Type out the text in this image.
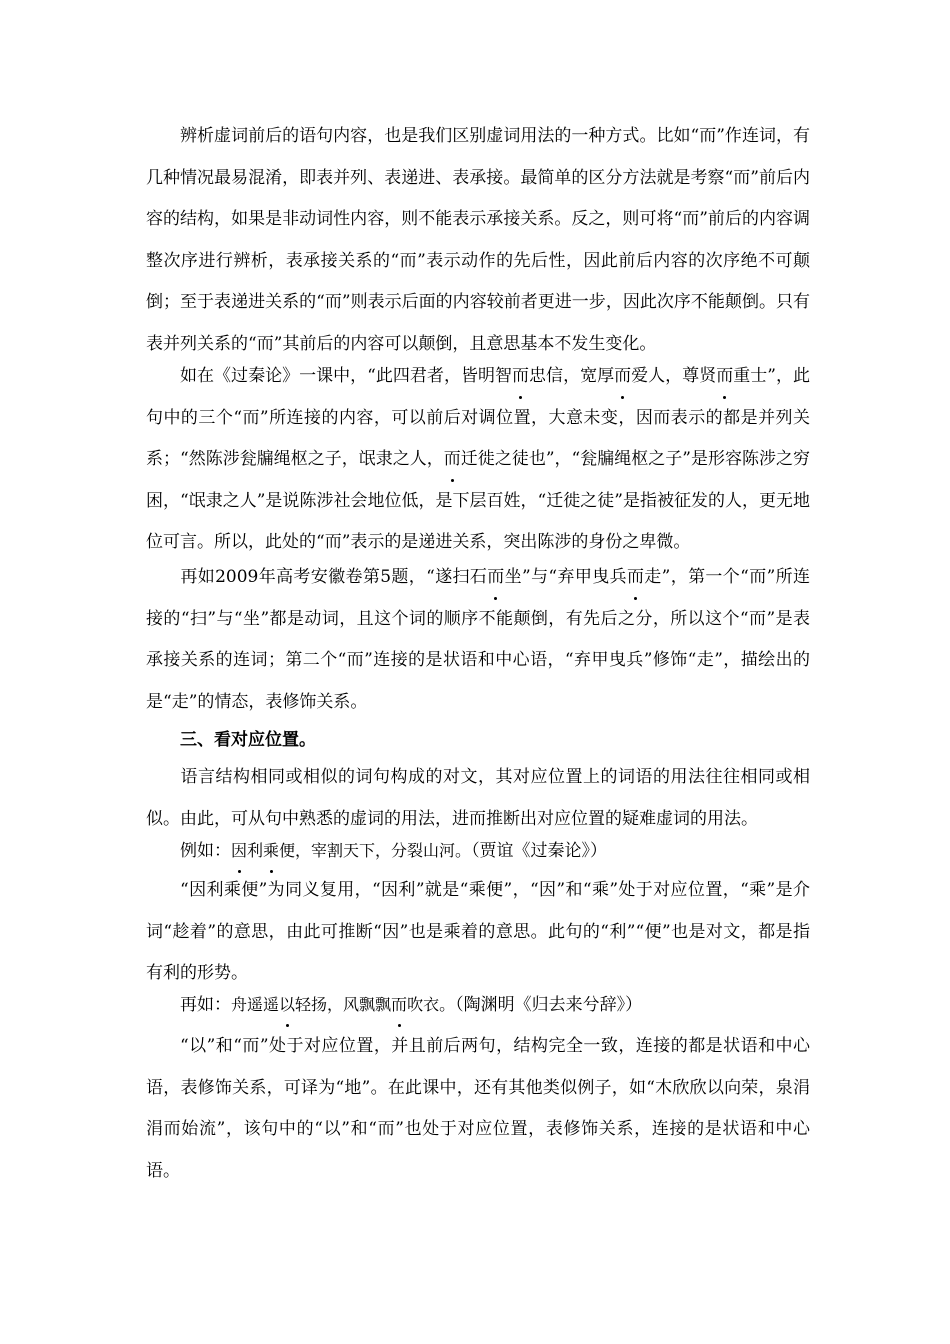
辨析虚词前后的语句内容，也是我们区别虚词用法的一种方式。比如“而”作连词，有几种情况最易混淆，即表并列、表递进、表承接。最简单的区分方法就是考察“而”前后内容的结构，如果是非动词性内容，则不能表示承接关系。反之，则可将“而”前后的内容调整次序进行辨析，表承接关系的“而”表示动作的先后性，因此前后内容的次序绝不可颠倒；至于表递进关系的“而”则表示后面的内容较前者更进一步，因此次序不能颠倒。只有表并列关系的“而”其前后的内容可以颠倒，且意思基本不发生变化。

如在《过秦论》一课中，“此四君者，皆明智而忠信，宽厚而爱人，尊贤而重士”，此句中的三个“而”所连接的内容，可以前后对调位置，大意未变，因而表示的都是并列关系；“然陈涉瓮牖绳枢之子，氓隶之人，而迁徙之徒也”，“瓮牖绳枢之子”是形容陈涉之穷困，“氓隶之人”是说陈涉社会地位低，是下层百姓，“迁徙之徒”是指被征发的人，更无地位可言。所以，此处的“而”表示的是递进关系，突出陈涉的身份之卑微。

再如2009年高考安徽卷第5题，“遂扫石而坐”与“弃甲曳兵而走”，第一个“而”所连接的“扫”与“坐”都是动词，且这个词的顺序不能颠倒，有先后之分，所以这个“而”是表承接关系的连词；第二个“而”连接的是状语和中心语，“弃甲曳兵”修饰“走”，描绘出的是“走”的情态，表修饰关系。

三、看对应位置。

语言结构相同或相似的词句构成的对文，其对应位置上的词语的用法往往相同或相似。由此，可从句中熟悉的虚词的用法，进而推断出对应位置的疑难虚词的用法。

例如：因利乘便，宰割天下，分裂山河。（贾谊《过秦论》）

“因利乘便”为同义复用，“因利”就是“乘便”，“因”和“乘”处于对应位置，“乘”是介词“趁着”的意思，由此可推断“因”也是乘着的意思。此句的“利”“便”也是对文，都是指有利的形势。

再如：舟遥遥以轻扬，风飘飘而吹衣。（陶渊明《归去来兮辞》）

“以”和“而”处于对应位置，并且前后两句，结构完全一致，连接的都是状语和中心语，表修饰关系，可译为“地”。在此课中，还有其他类似例子，如“木欣欣以向荣，泉涓涓而始流”，该句中的“以”和“而”也处于对应位置，表修饰关系，连接的是状语和中心语。
